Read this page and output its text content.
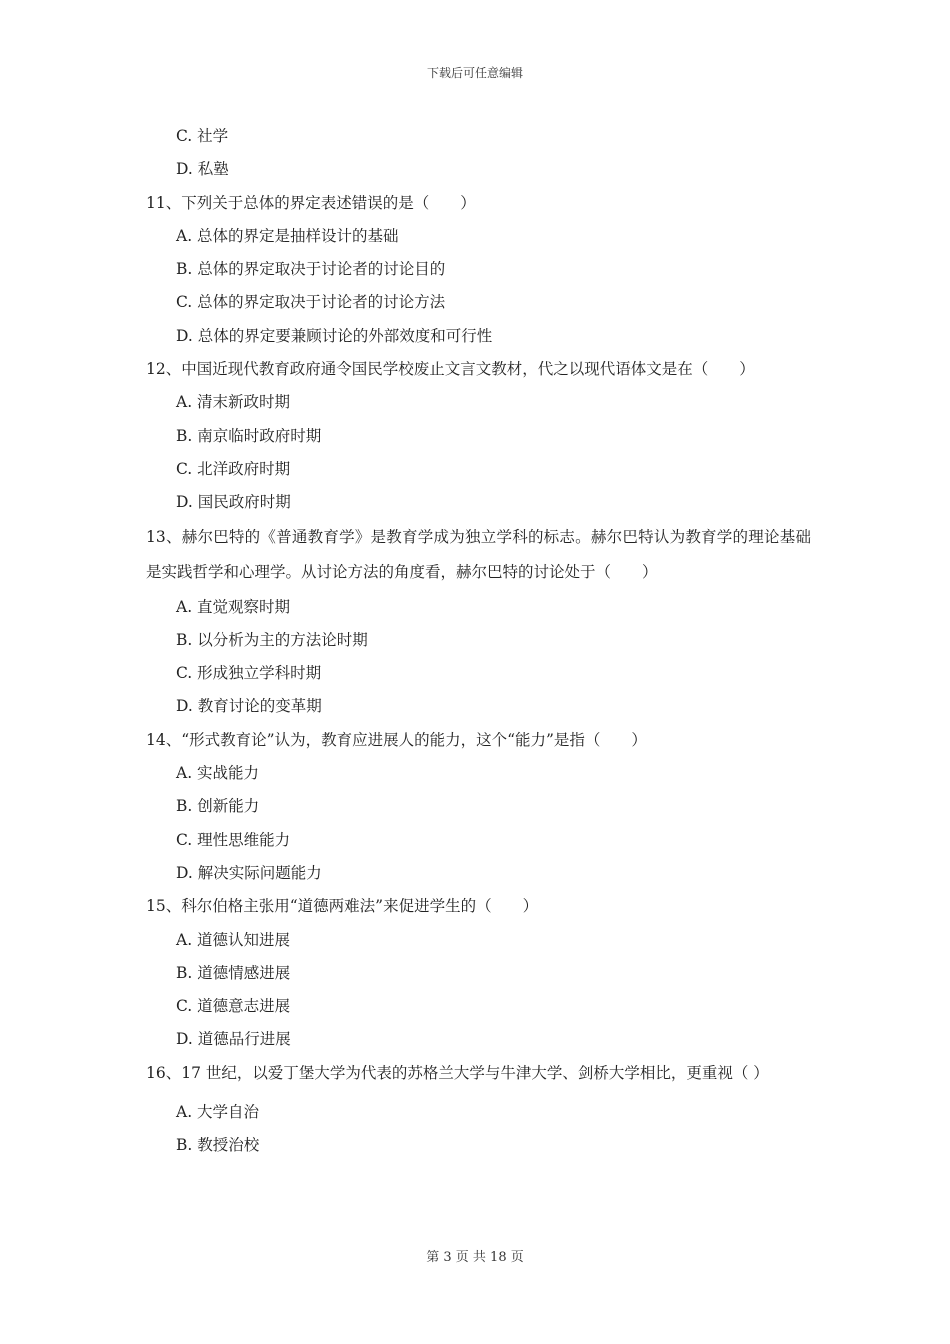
下载后可任意编辑
C. 社学
D. 私塾
11、下列关于总体的界定表述错误的是（　　）
A. 总体的界定是抽样设计的基础
B. 总体的界定取决于讨论者的讨论目的
C. 总体的界定取决于讨论者的讨论方法
D. 总体的界定要兼顾讨论的外部效度和可行性
12、中国近现代教育政府通令国民学校废止文言文教材，代之以现代语体文是在（　　）
A. 清末新政时期
B. 南京临时政府时期
C. 北洋政府时期
D. 国民政府时期
13、赫尔巴特的《普通教育学》是教育学成为独立学科的标志。赫尔巴特认为教育学的理论基础是实践哲学和心理学。从讨论方法的角度看，赫尔巴特的讨论处于（　　）
A. 直觉观察时期
B. 以分析为主的方法论时期
C. 形成独立学科时期
D. 教育讨论的变革期
14、“形式教育论”认为，教育应进展人的能力，这个“能力”是指（　　）
A. 实战能力
B. 创新能力
C. 理性思维能力
D. 解决实际问题能力
15、科尔伯格主张用“道德两难法”来促进学生的（　　）
A. 道德认知进展
B. 道德情感进展
C. 道德意志进展
D. 道德品行进展
16、17 世纪，以爱丁堡大学为代表的苏格兰大学与牛津大学、剑桥大学相比，更重视（ ）
A. 大学自治
B. 教授治校
第 3 页 共 18 页
